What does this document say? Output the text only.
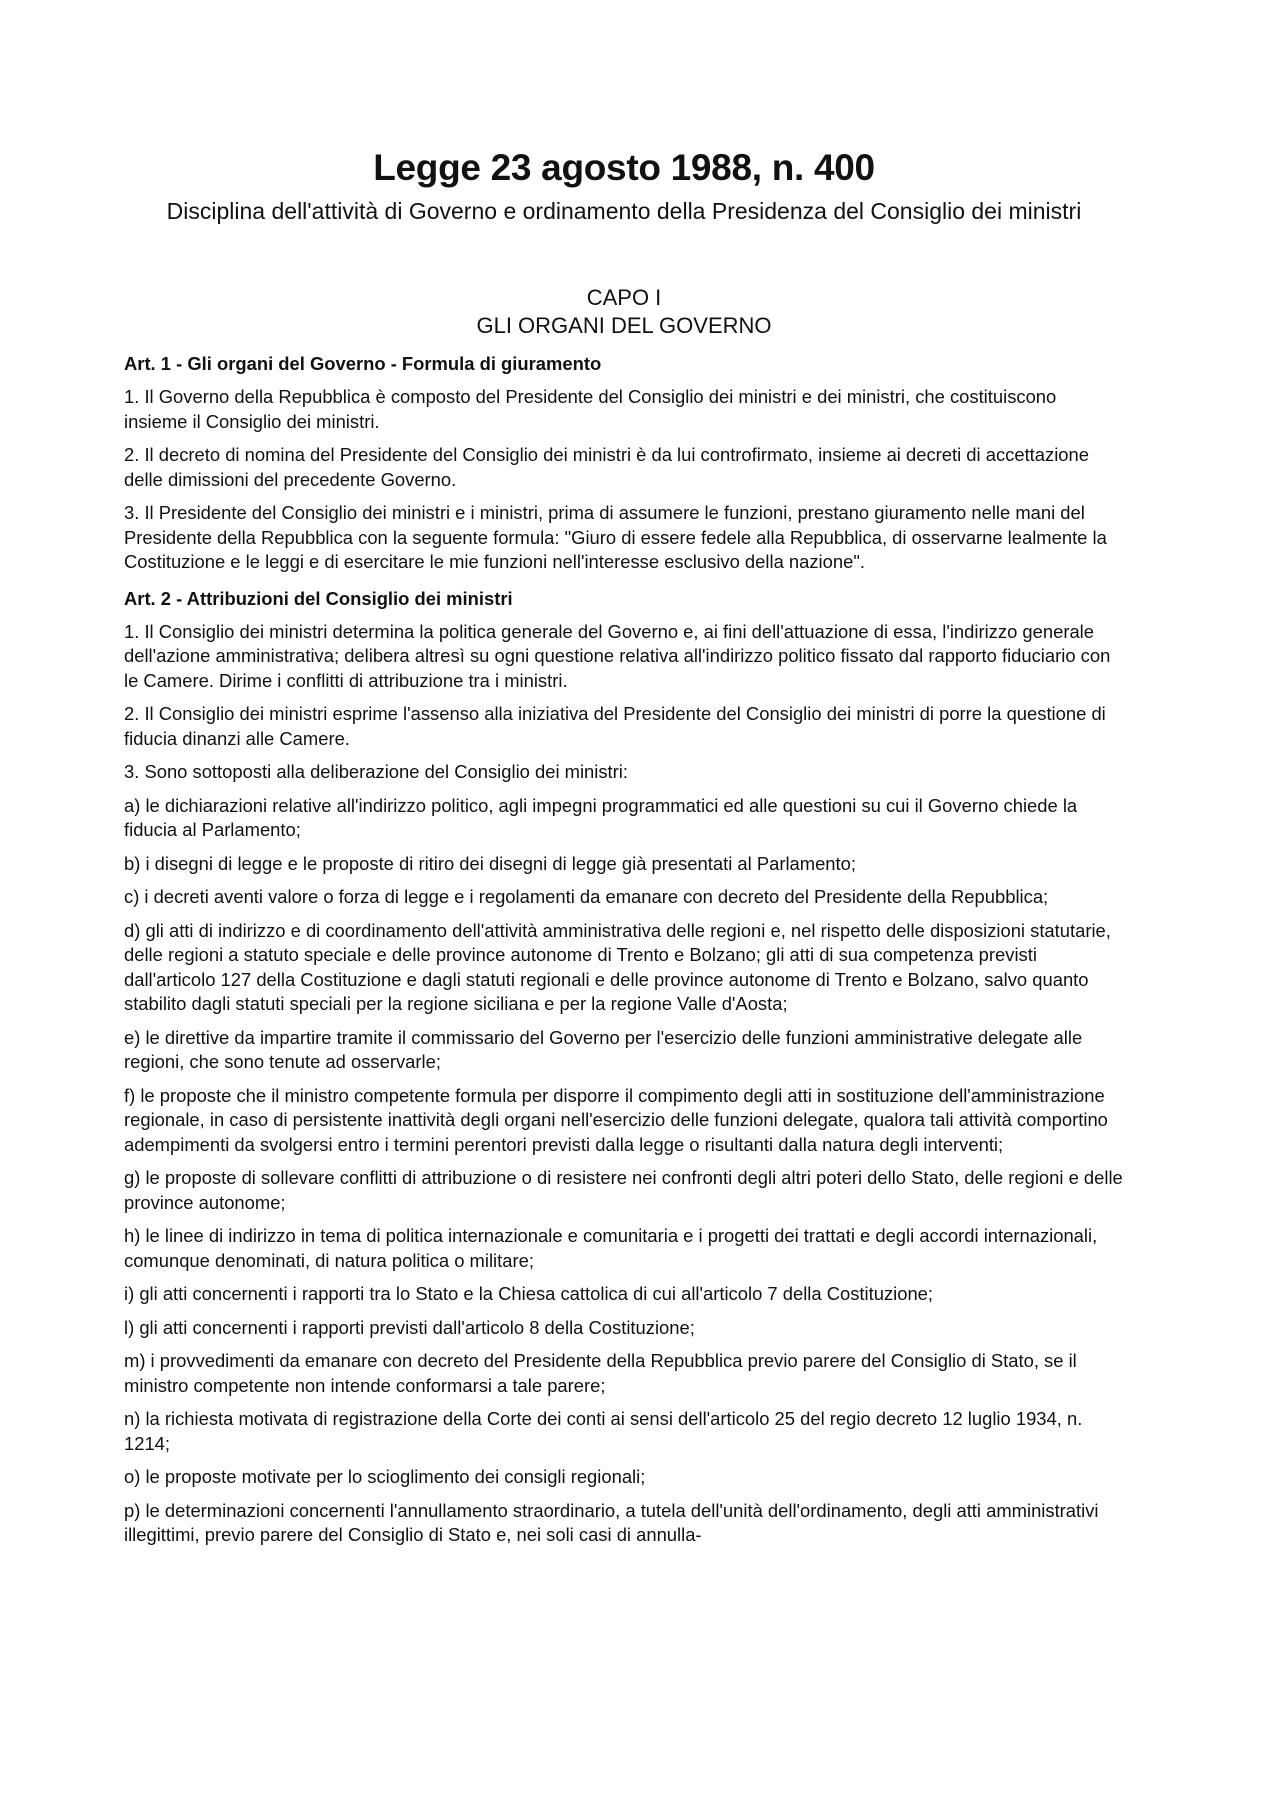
Legge 23 agosto 1988, n. 400
Disciplina dell'attività di Governo e ordinamento della Presidenza del Consiglio dei ministri
CAPO I
GLI ORGANI DEL GOVERNO
Art. 1 - Gli organi del Governo - Formula di giuramento

1. Il Governo della Repubblica è composto del Presidente del Consiglio dei ministri e dei ministri, che costituiscono insieme il Consiglio dei ministri.

2. Il decreto di nomina del Presidente del Consiglio dei ministri è da lui controfirmato, insieme ai decreti di accettazione delle dimissioni del precedente Governo.

3. Il Presidente del Consiglio dei ministri e i ministri, prima di assumere le funzioni, prestano giuramento nelle mani del Presidente della Repubblica con la seguente formula: "Giuro di essere fedele alla Repubblica, di osservarne lealmente la Costituzione e le leggi e di esercitare le mie funzioni nell'interesse esclusivo della nazione".

Art. 2 - Attribuzioni del Consiglio dei ministri

1. Il Consiglio dei ministri determina la politica generale del Governo e, ai fini dell'attuazione di essa, l'indirizzo generale dell'azione amministrativa; delibera altresì su ogni questione relativa all'indirizzo politico fissato dal rapporto fiduciario con le Camere. Dirime i conflitti di attribuzione tra i ministri.

2. Il Consiglio dei ministri esprime l'assenso alla iniziativa del Presidente del Consiglio dei ministri di porre la questione di fiducia dinanzi alle Camere.

3. Sono sottoposti alla deliberazione del Consiglio dei ministri:

a) le dichiarazioni relative all'indirizzo politico, agli impegni programmatici ed alle questioni su cui il Governo chiede la fiducia al Parlamento;

b) i disegni di legge e le proposte di ritiro dei disegni di legge già presentati al Parlamento;

c) i decreti aventi valore o forza di legge e i regolamenti da emanare con decreto del Presidente della Repubblica;

d) gli atti di indirizzo e di coordinamento dell'attività amministrativa delle regioni e, nel rispetto delle disposizioni statutarie, delle regioni a statuto speciale e delle province autonome di Trento e Bolzano; gli atti di sua competenza previsti dall'articolo 127 della Costituzione e dagli statuti regionali e delle province autonome di Trento e Bolzano, salvo quanto stabilito dagli statuti speciali per la regione siciliana e per la regione Valle d'Aosta;

e) le direttive da impartire tramite il commissario del Governo per l'esercizio delle funzioni amministrative delegate alle regioni, che sono tenute ad osservarle;

f) le proposte che il ministro competente formula per disporre il compimento degli atti in sostituzione dell'amministrazione regionale, in caso di persistente inattività degli organi nell'esercizio delle funzioni delegate, qualora tali attività comportino adempimenti da svolgersi entro i termini perentori previsti dalla legge o risultanti dalla natura degli interventi;

g) le proposte di sollevare conflitti di attribuzione o di resistere nei confronti degli altri poteri dello Stato, delle regioni e delle province autonome;

h) le linee di indirizzo in tema di politica internazionale e comunitaria e i progetti dei trattati e degli accordi internazionali, comunque denominati, di natura politica o militare;

i) gli atti concernenti i rapporti tra lo Stato e la Chiesa cattolica di cui all'articolo 7 della Costituzione;

l) gli atti concernenti i rapporti previsti dall'articolo 8 della Costituzione;

m) i provvedimenti da emanare con decreto del Presidente della Repubblica previo parere del Consiglio di Stato, se il ministro competente non intende conformarsi a tale parere;

n) la richiesta motivata di registrazione della Corte dei conti ai sensi dell'articolo 25 del regio decreto 12 luglio 1934, n. 1214;

o) le proposte motivate per lo scioglimento dei consigli regionali;

p) le determinazioni concernenti l'annullamento straordinario, a tutela dell'unità dell'ordinamento, degli atti amministrativi illegittimi, previo parere del Consiglio di Stato e, nei soli casi di annulla-
